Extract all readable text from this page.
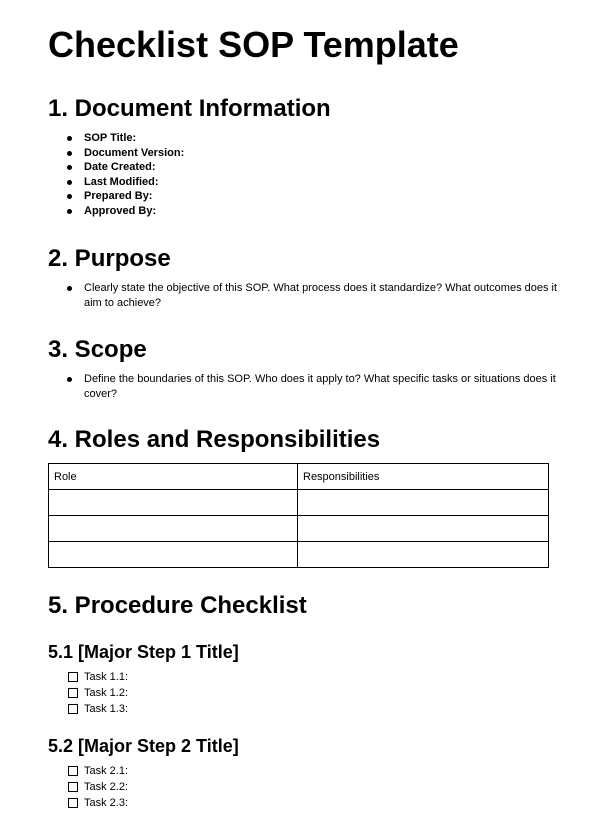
Checklist SOP Template
1. Document Information
SOP Title:
Document Version:
Date Created:
Last Modified:
Prepared By:
Approved By:
2. Purpose
Clearly state the objective of this SOP. What process does it standardize? What outcomes does it aim to achieve?
3. Scope
Define the boundaries of this SOP. Who does it apply to? What specific tasks or situations does it cover?
4. Roles and Responsibilities
Role	Responsibilities

5. Procedure Checklist
5.1 [Major Step 1 Title]
Task 1.1:
Task 1.2:
Task 1.3:
5.2 [Major Step 2 Title]
Task 2.1:
Task 2.2:
Task 2.3:
